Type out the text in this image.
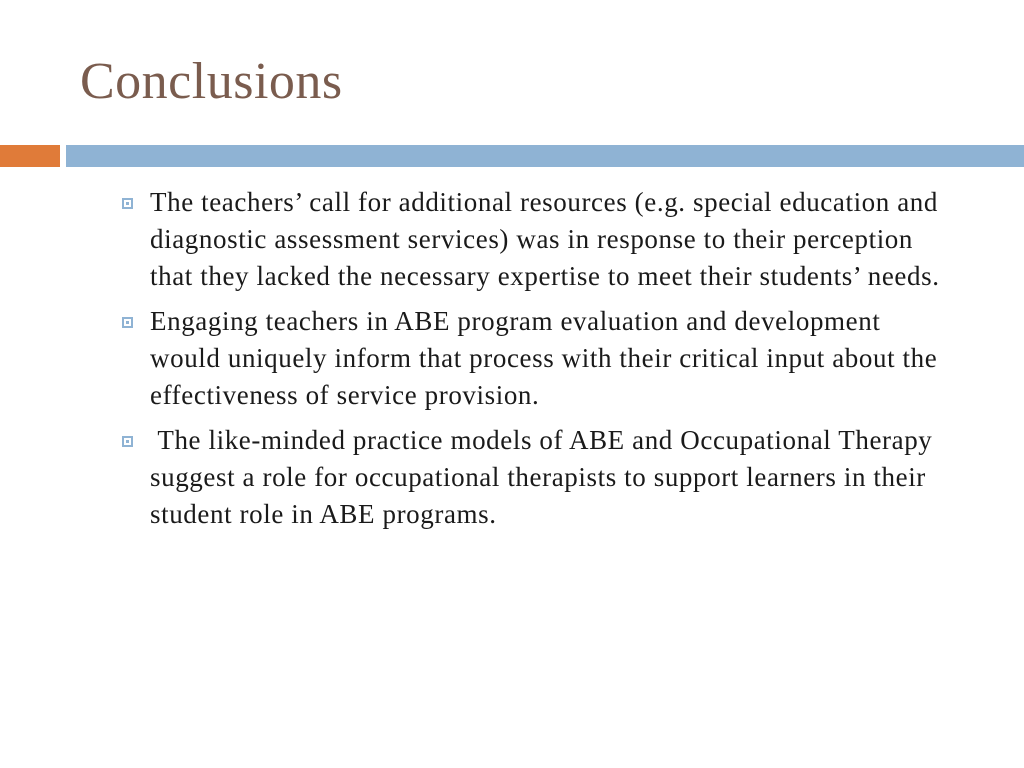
Conclusions
The teachers’ call for additional resources (e.g. special education and diagnostic assessment services) was in response to their perception that they lacked the necessary expertise to meet their students’ needs.
Engaging teachers in ABE program evaluation and development would uniquely inform that process with their critical input about the effectiveness of service provision.
The like-minded practice models of ABE and Occupational Therapy suggest a role for occupational therapists to support learners in their student role in ABE programs.
